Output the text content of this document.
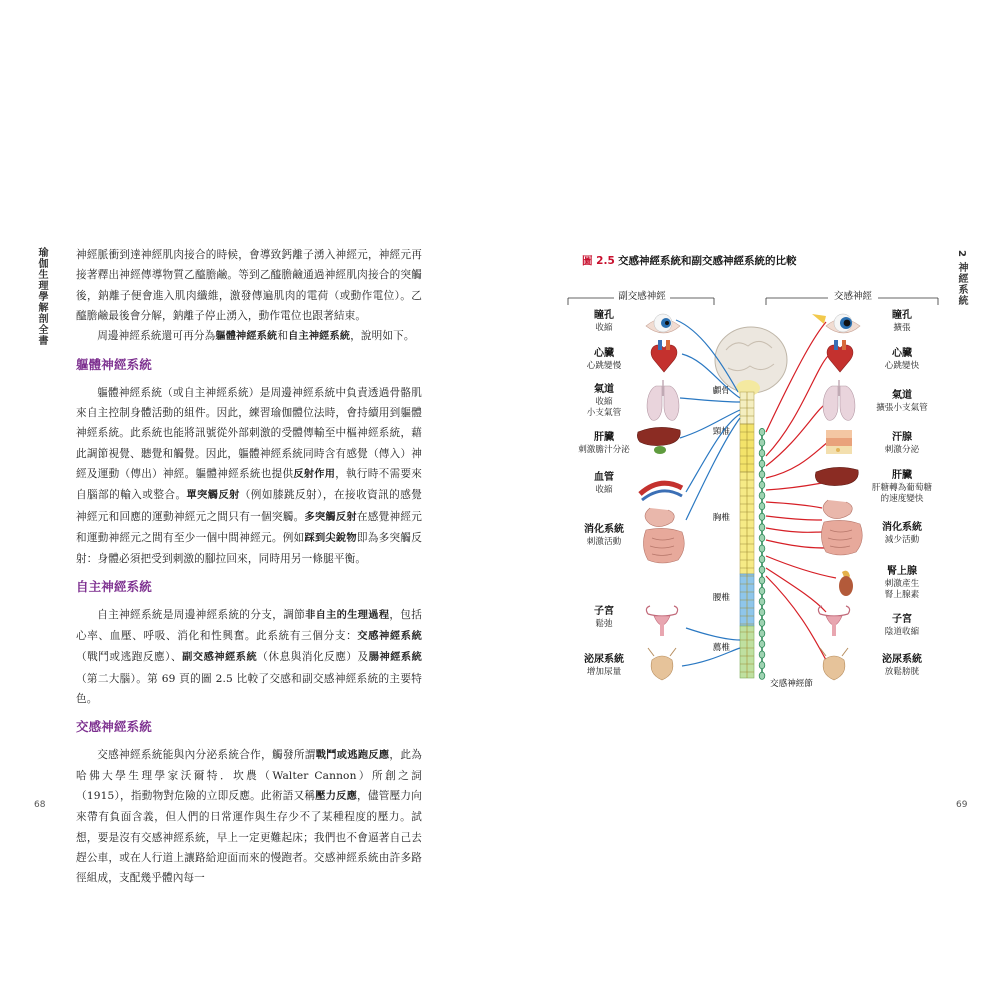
瑜伽生理學解剖全書
68

神經脈衝到達神經肌肉接合的時候，會導致鈣離子湧入神經元，神經元再接著釋出神經傳導物質乙醯膽鹼。等到乙醯膽鹼通過神經肌肉接合的突觸後，鈉離子便會進入肌肉纖維，激發傳遍肌肉的電荷（或動作電位）。乙醯膽鹼最後會分解，鈉離子停止湧入，動作電位也跟著結束。

周邊神經系統還可再分為軀體神經系統和自主神經系統，說明如下。

軀體神經系統

軀體神經系統（或自主神經系統）是周邊神經系統中負責透過骨骼肌來自主控制身體活動的組件。因此，練習瑜伽體位法時，會持續用到軀體神經系統。此系統也能將訊號從外部刺激的受體傳輸至中樞神經系統，藉此調節視覺、聽覺和觸覺。因此，軀體神經系統同時含有感覺（傳入）神經及運動（傳出）神經。軀體神經系統也提供反射作用，執行時不需要來自腦部的輸入或整合。單突觸反射（例如膝跳反射），在接收資訊的感覺神經元和回應的運動神經元之間只有一個突觸。多突觸反射在感覺神經元和運動神經元之間有至少一個中間神經元。例如踩到尖銳物即為多突觸反射：身體必須把受到刺激的腳拉回來，同時用另一條腿平衡。

自主神經系統

自主神經系統是周邊神經系統的分支，調節非自主的生理過程，包括心率、血壓、呼吸、消化和性興奮。此系統有三個分支：交感神經系統（戰鬥或逃跑反應）、副交感神經系統（休息與消化反應）及腸神經系統（第二大腦）。第 69 頁的圖 2.5 比較了交感和副交感神經系統的主要特色。

交感神經系統

交感神經系統能與內分泌系統合作，觸發所謂戰鬥或逃跑反應，此為哈佛大學生理學家沃爾特．坎農（Walter Cannon）所創之詞（1915），指動物對危險的立即反應。此術語又稱壓力反應，儘管壓力向來帶有負面含義，但人們的日常運作與生存少不了某種程度的壓力。試想，要是沒有交感神經系統，早上一定更難起床；我們也不會逼著自己去趕公車，或在人行道上讓路給迎面而來的慢跑者。交感神經系統由許多路徑組成，支配幾乎體內每一

2 神經系統
69
圖 2.5 交感神經系統和副交感神經系統的比較
副交感神經	交感神經
顱骨
頸椎
胸椎
腰椎
薦椎
交感神經節
瞳孔
收縮
心臟
心跳變慢
氣道
收縮
小支氣管
肝臟
刺激膽汁分泌
血管
收縮
消化系統
刺激活動
子宮
鬆弛
泌尿系統
增加尿量
瞳孔
擴張
心臟
心跳變快
氣道
擴張小支氣管
汗腺
刺激分泌
肝臟
肝糖轉為葡萄糖
的速度變快
消化系統
減少活動
腎上腺
刺激產生
腎上腺素
子宮
陰道收縮
泌尿系統
放鬆膀胱
